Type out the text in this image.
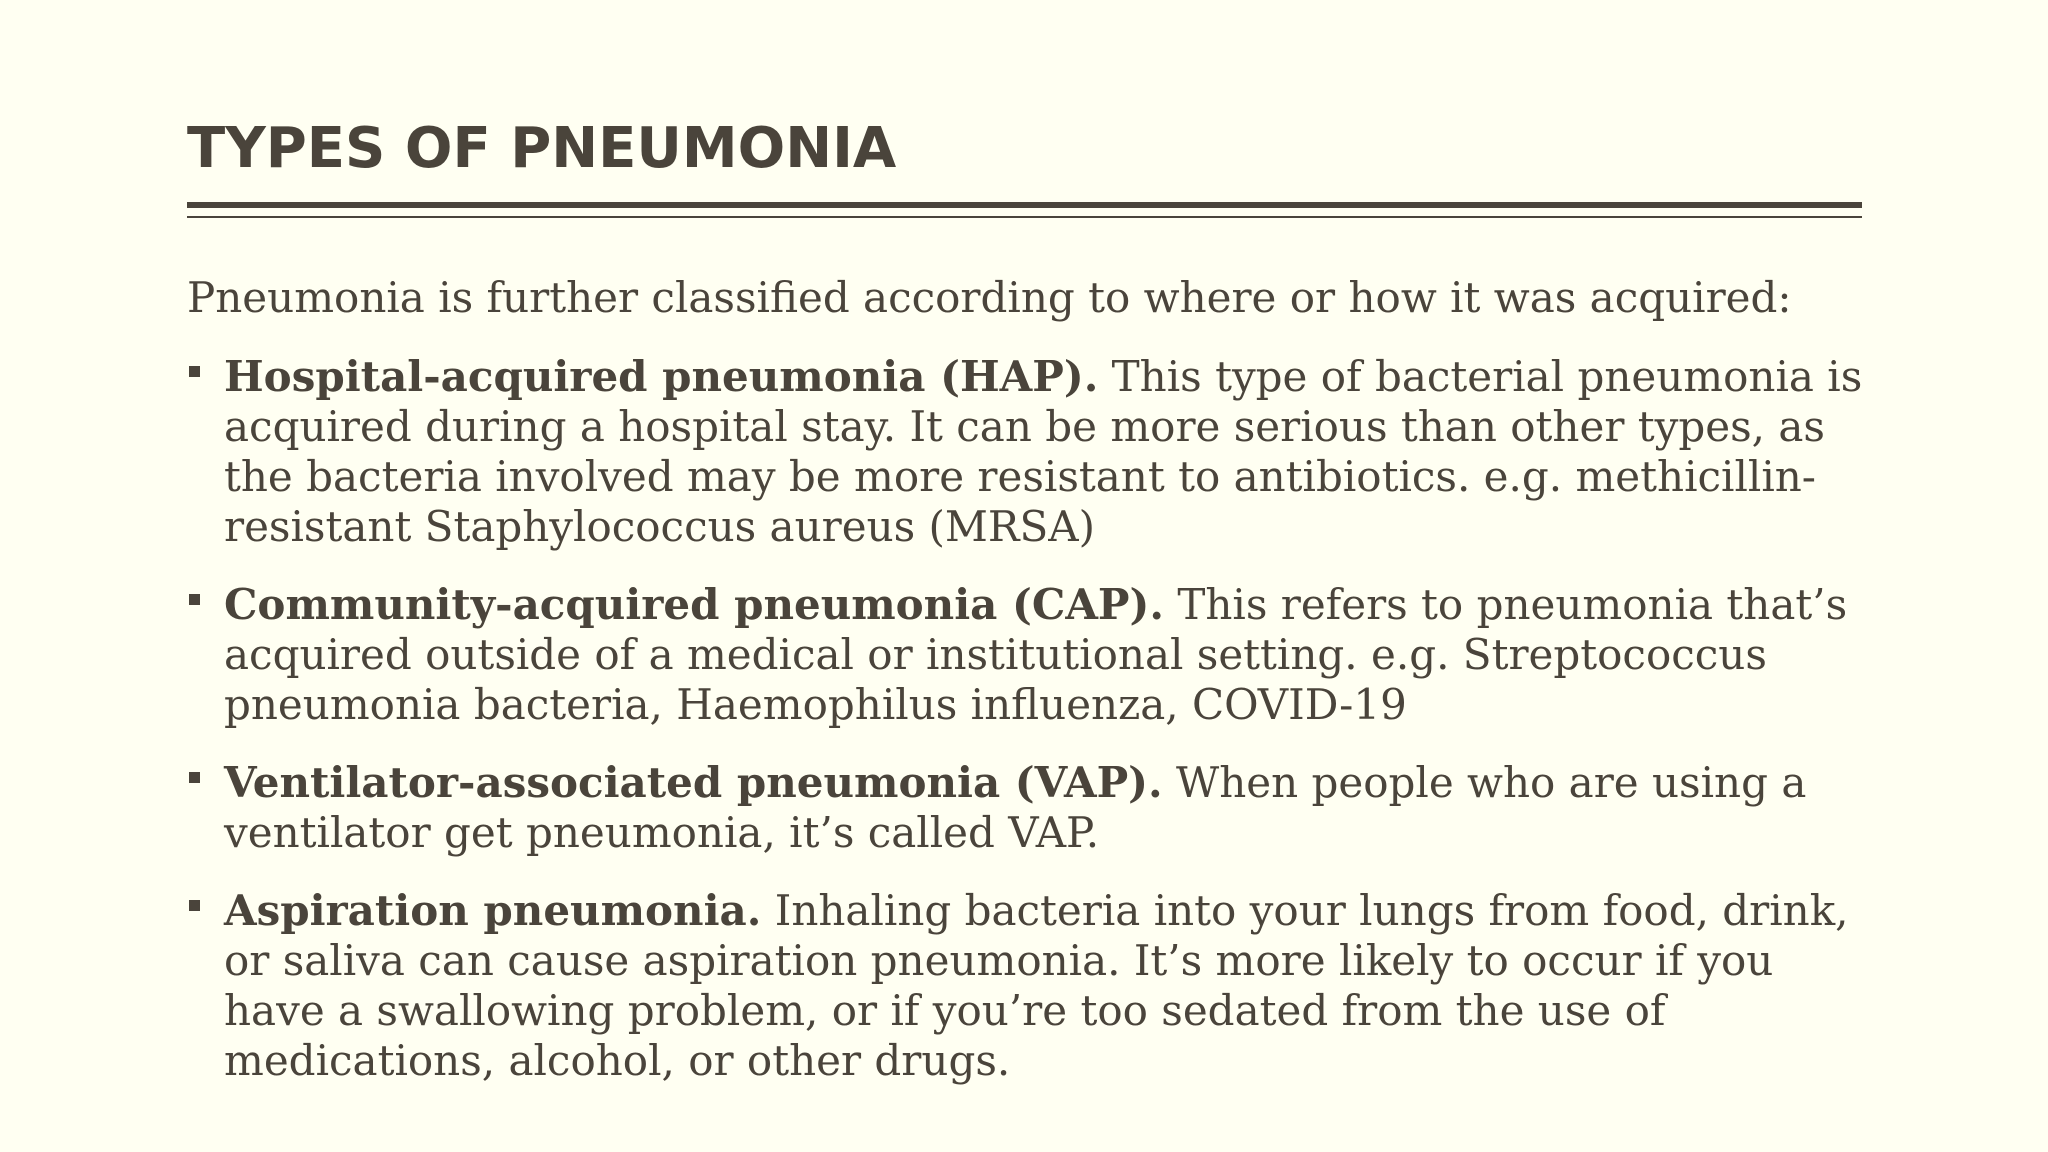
TYPES OF PNEUMONIA

Pneumonia is further classified according to where or how it was acquired:

Hospital-acquired pneumonia (HAP). This type of bacterial pneumonia is acquired during a hospital stay. It can be more serious than other types, as the bacteria involved may be more resistant to antibiotics. e.g. methicillin-resistant Staphylococcus aureus (MRSA)
Community-acquired pneumonia (CAP). This refers to pneumonia that’s acquired outside of a medical or institutional setting. e.g. Streptococcus pneumonia bacteria, Haemophilus influenza, COVID-19
Ventilator-associated pneumonia (VAP). When people who are using a ventilator get pneumonia, it’s called VAP.
Aspiration pneumonia. Inhaling bacteria into your lungs from food, drink, or saliva can cause aspiration pneumonia. It’s more likely to occur if you have a swallowing problem, or if you’re too sedated from the use of medications, alcohol, or other drugs.
